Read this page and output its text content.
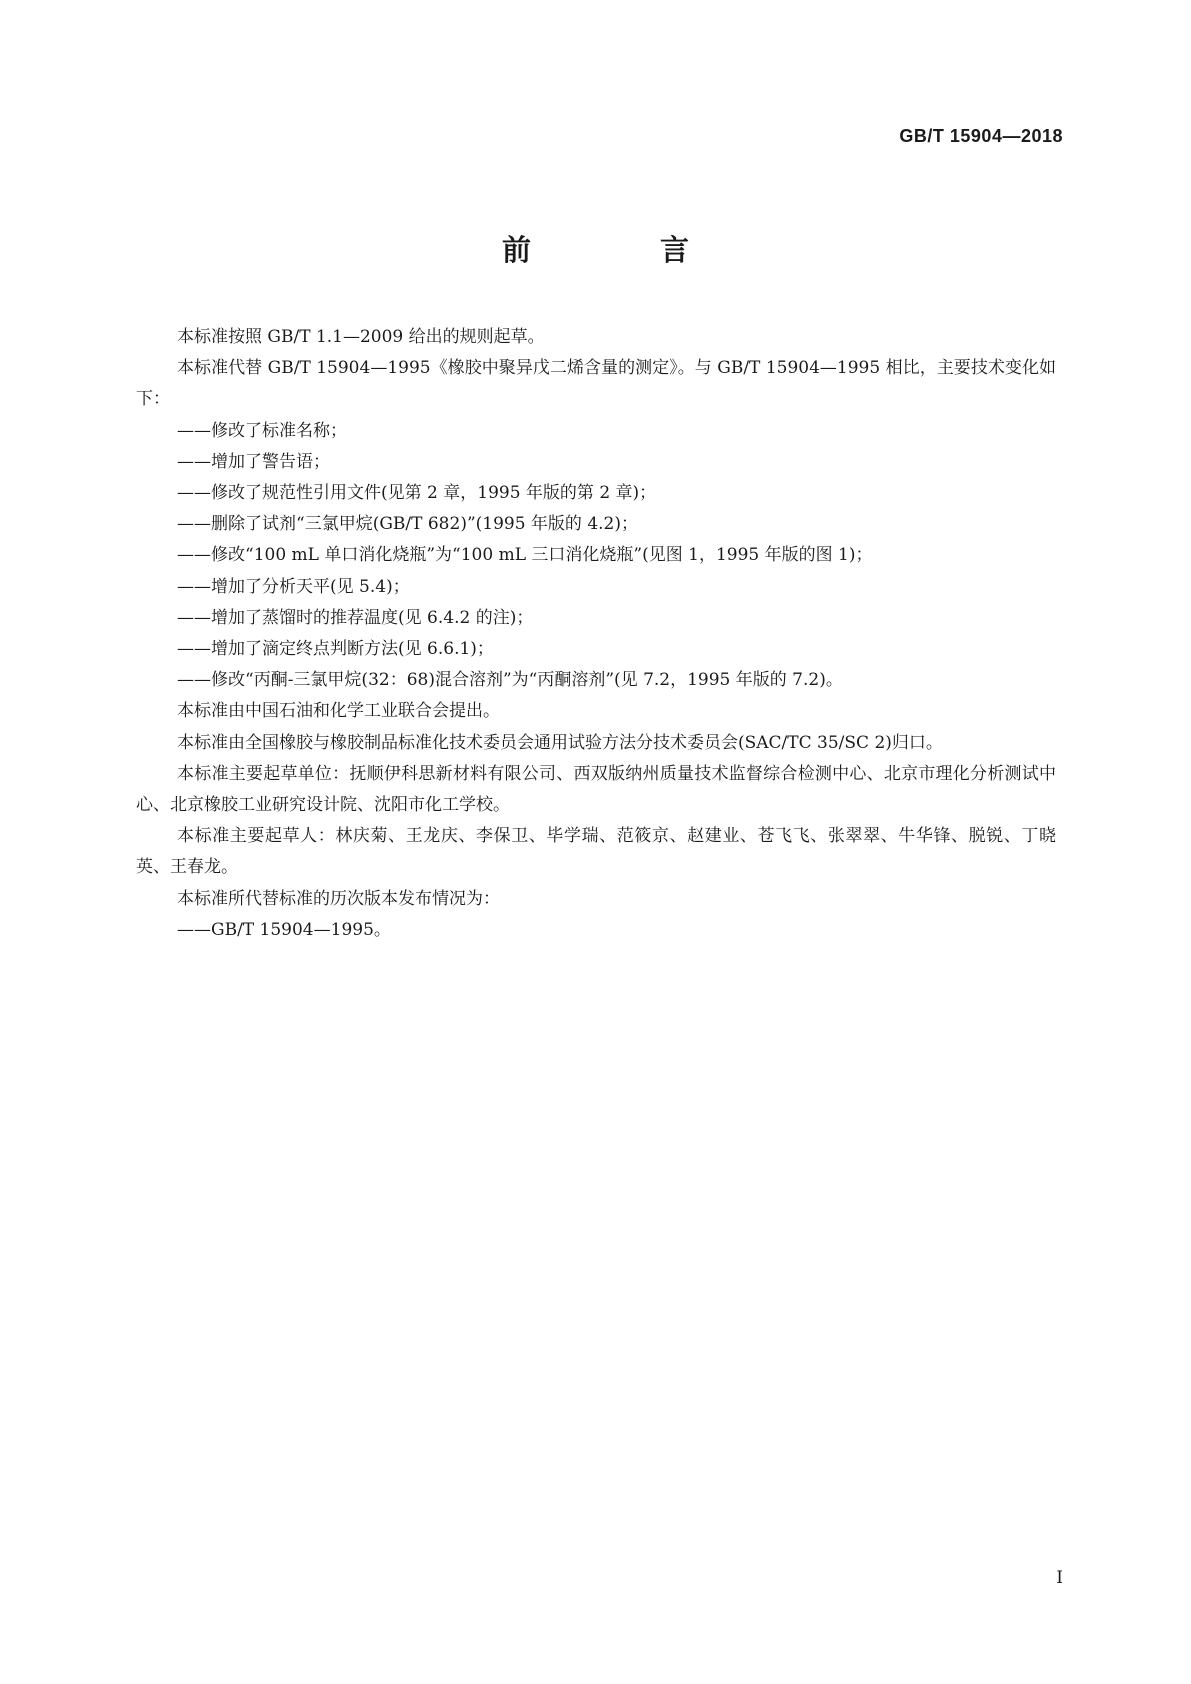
GB/T 15904—2018
前　言

本标准按照 GB/T 1.1—2009 给出的规则起草。

本标准代替 GB/T 15904—1995《橡胶中聚异戊二烯含量的测定》。与 GB/T 15904—1995 相比，主要技术变化如下：

——修改了标准名称；

——增加了警告语；

——修改了规范性引用文件(见第 2 章，1995 年版的第 2 章)；

——删除了试剂“三氯甲烷(GB/T 682)”(1995 年版的 4.2)；

——修改“100 mL 单口消化烧瓶”为“100 mL 三口消化烧瓶”(见图 1，1995 年版的图 1)；

——增加了分析天平(见 5.4)；

——增加了蒸馏时的推荐温度(见 6.4.2 的注)；

——增加了滴定终点判断方法(见 6.6.1)；

——修改“丙酮-三氯甲烷(32：68)混合溶剂”为“丙酮溶剂”(见 7.2，1995 年版的 7.2)。

本标准由中国石油和化学工业联合会提出。

本标准由全国橡胶与橡胶制品标准化技术委员会通用试验方法分技术委员会(SAC/TC 35/SC 2)归口。

本标准主要起草单位：抚顺伊科思新材料有限公司、西双版纳州质量技术监督综合检测中心、北京市理化分析测试中心、北京橡胶工业研究设计院、沈阳市化工学校。

本标准主要起草人：林庆菊、王龙庆、李保卫、毕学瑞、范筱京、赵建业、苍飞飞、张翠翠、牛华锋、脱锐、丁晓英、王春龙。

本标准所代替标准的历次版本发布情况为：

——GB/T 15904—1995。

I
